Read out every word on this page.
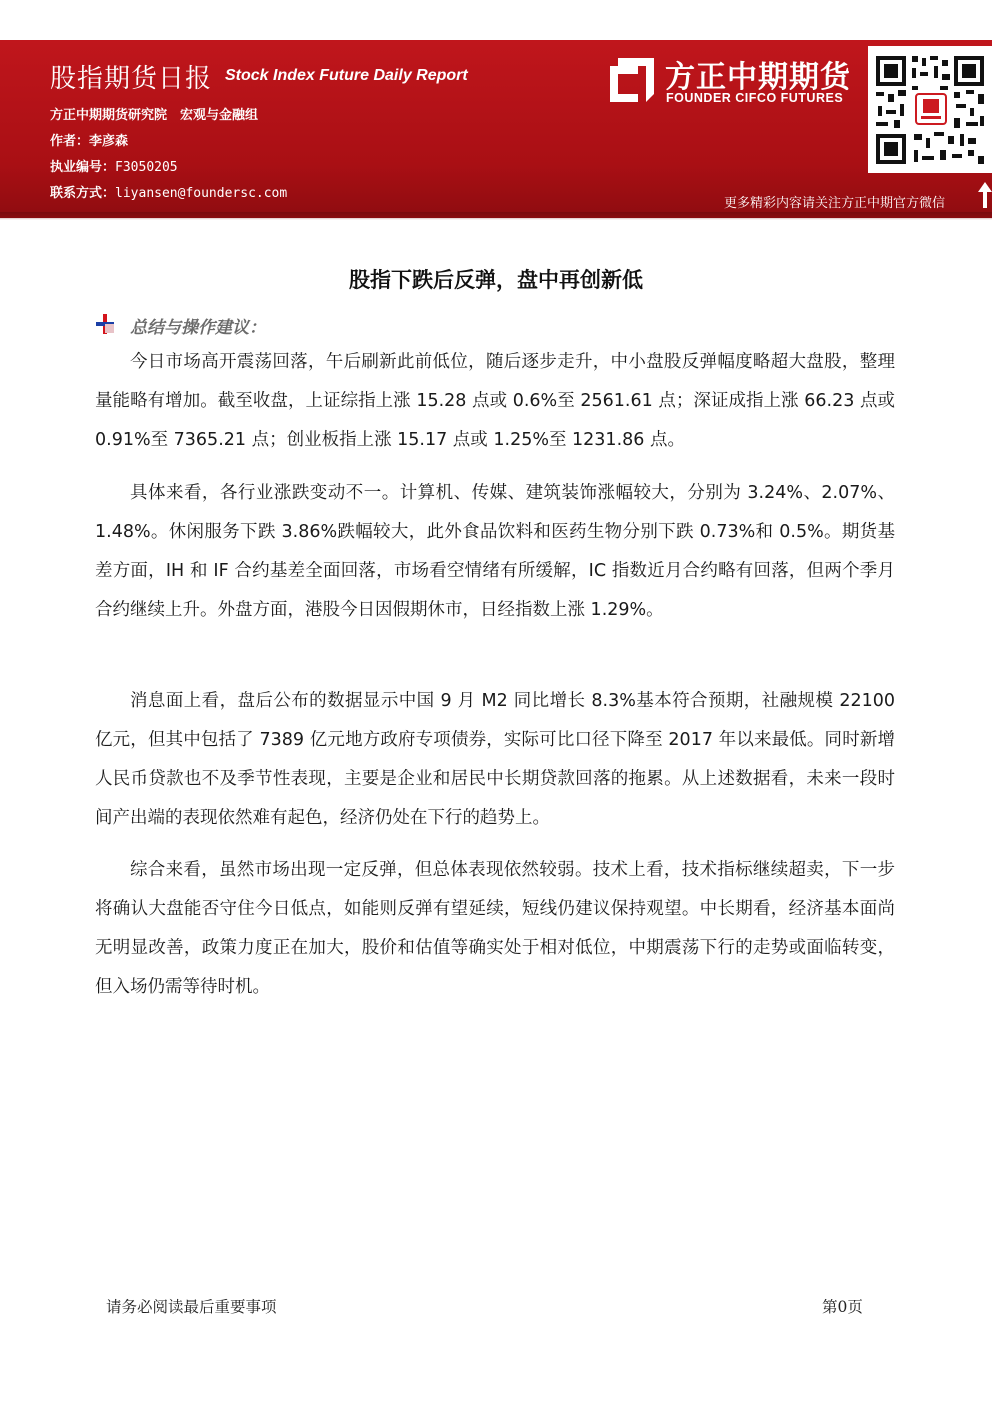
股指期货日报 Stock Index Future Daily Report
方正中期期货研究院　宏观与金融组
作者：李彦森
执业编号：F3050205
联系方式：liyansen@foundersc.com
方正中期期货
FOUNDER CIFCO FUTURES
更多精彩内容请关注方正中期官方微信
股指下跌后反弹，盘中再创新低
总结与操作建议：

今日市场高开震荡回落，午后刷新此前低位，随后逐步走升，中小盘股反弹幅度略超大盘股，整理量能略有增加。截至收盘，上证综指上涨 15.28 点或 0.6%至 2561.61 点；深证成指上涨 66.23 点或 0.91%至 7365.21 点；创业板指上涨 15.17 点或 1.25%至 1231.86 点。

具体来看，各行业涨跌变动不一。计算机、传媒、建筑装饰涨幅较大，分别为 3.24%、2.07%、1.48%。休闲服务下跌 3.86%跌幅较大，此外食品饮料和医药生物分别下跌 0.73%和 0.5%。期货基差方面，IH 和 IF 合约基差全面回落，市场看空情绪有所缓解，IC 指数近月合约略有回落，但两个季月合约继续上升。外盘方面，港股今日因假期休市，日经指数上涨 1.29%。

消息面上看，盘后公布的数据显示中国 9 月 M2 同比增长 8.3%基本符合预期，社融规模 22100 亿元，但其中包括了 7389 亿元地方政府专项债券，实际可比口径下降至 2017 年以来最低。同时新增人民币贷款也不及季节性表现，主要是企业和居民中长期贷款回落的拖累。从上述数据看，未来一段时间产出端的表现依然难有起色，经济仍处在下行的趋势上。

综合来看，虽然市场出现一定反弹，但总体表现依然较弱。技术上看，技术指标继续超卖，下一步将确认大盘能否守住今日低点，如能则反弹有望延续，短线仍建议保持观望。中长期看，经济基本面尚无明显改善，政策力度正在加大，股价和估值等确实处于相对低位，中期震荡下行的走势或面临转变，但入场仍需等待时机。

请务必阅读最后重要事项	第0页
